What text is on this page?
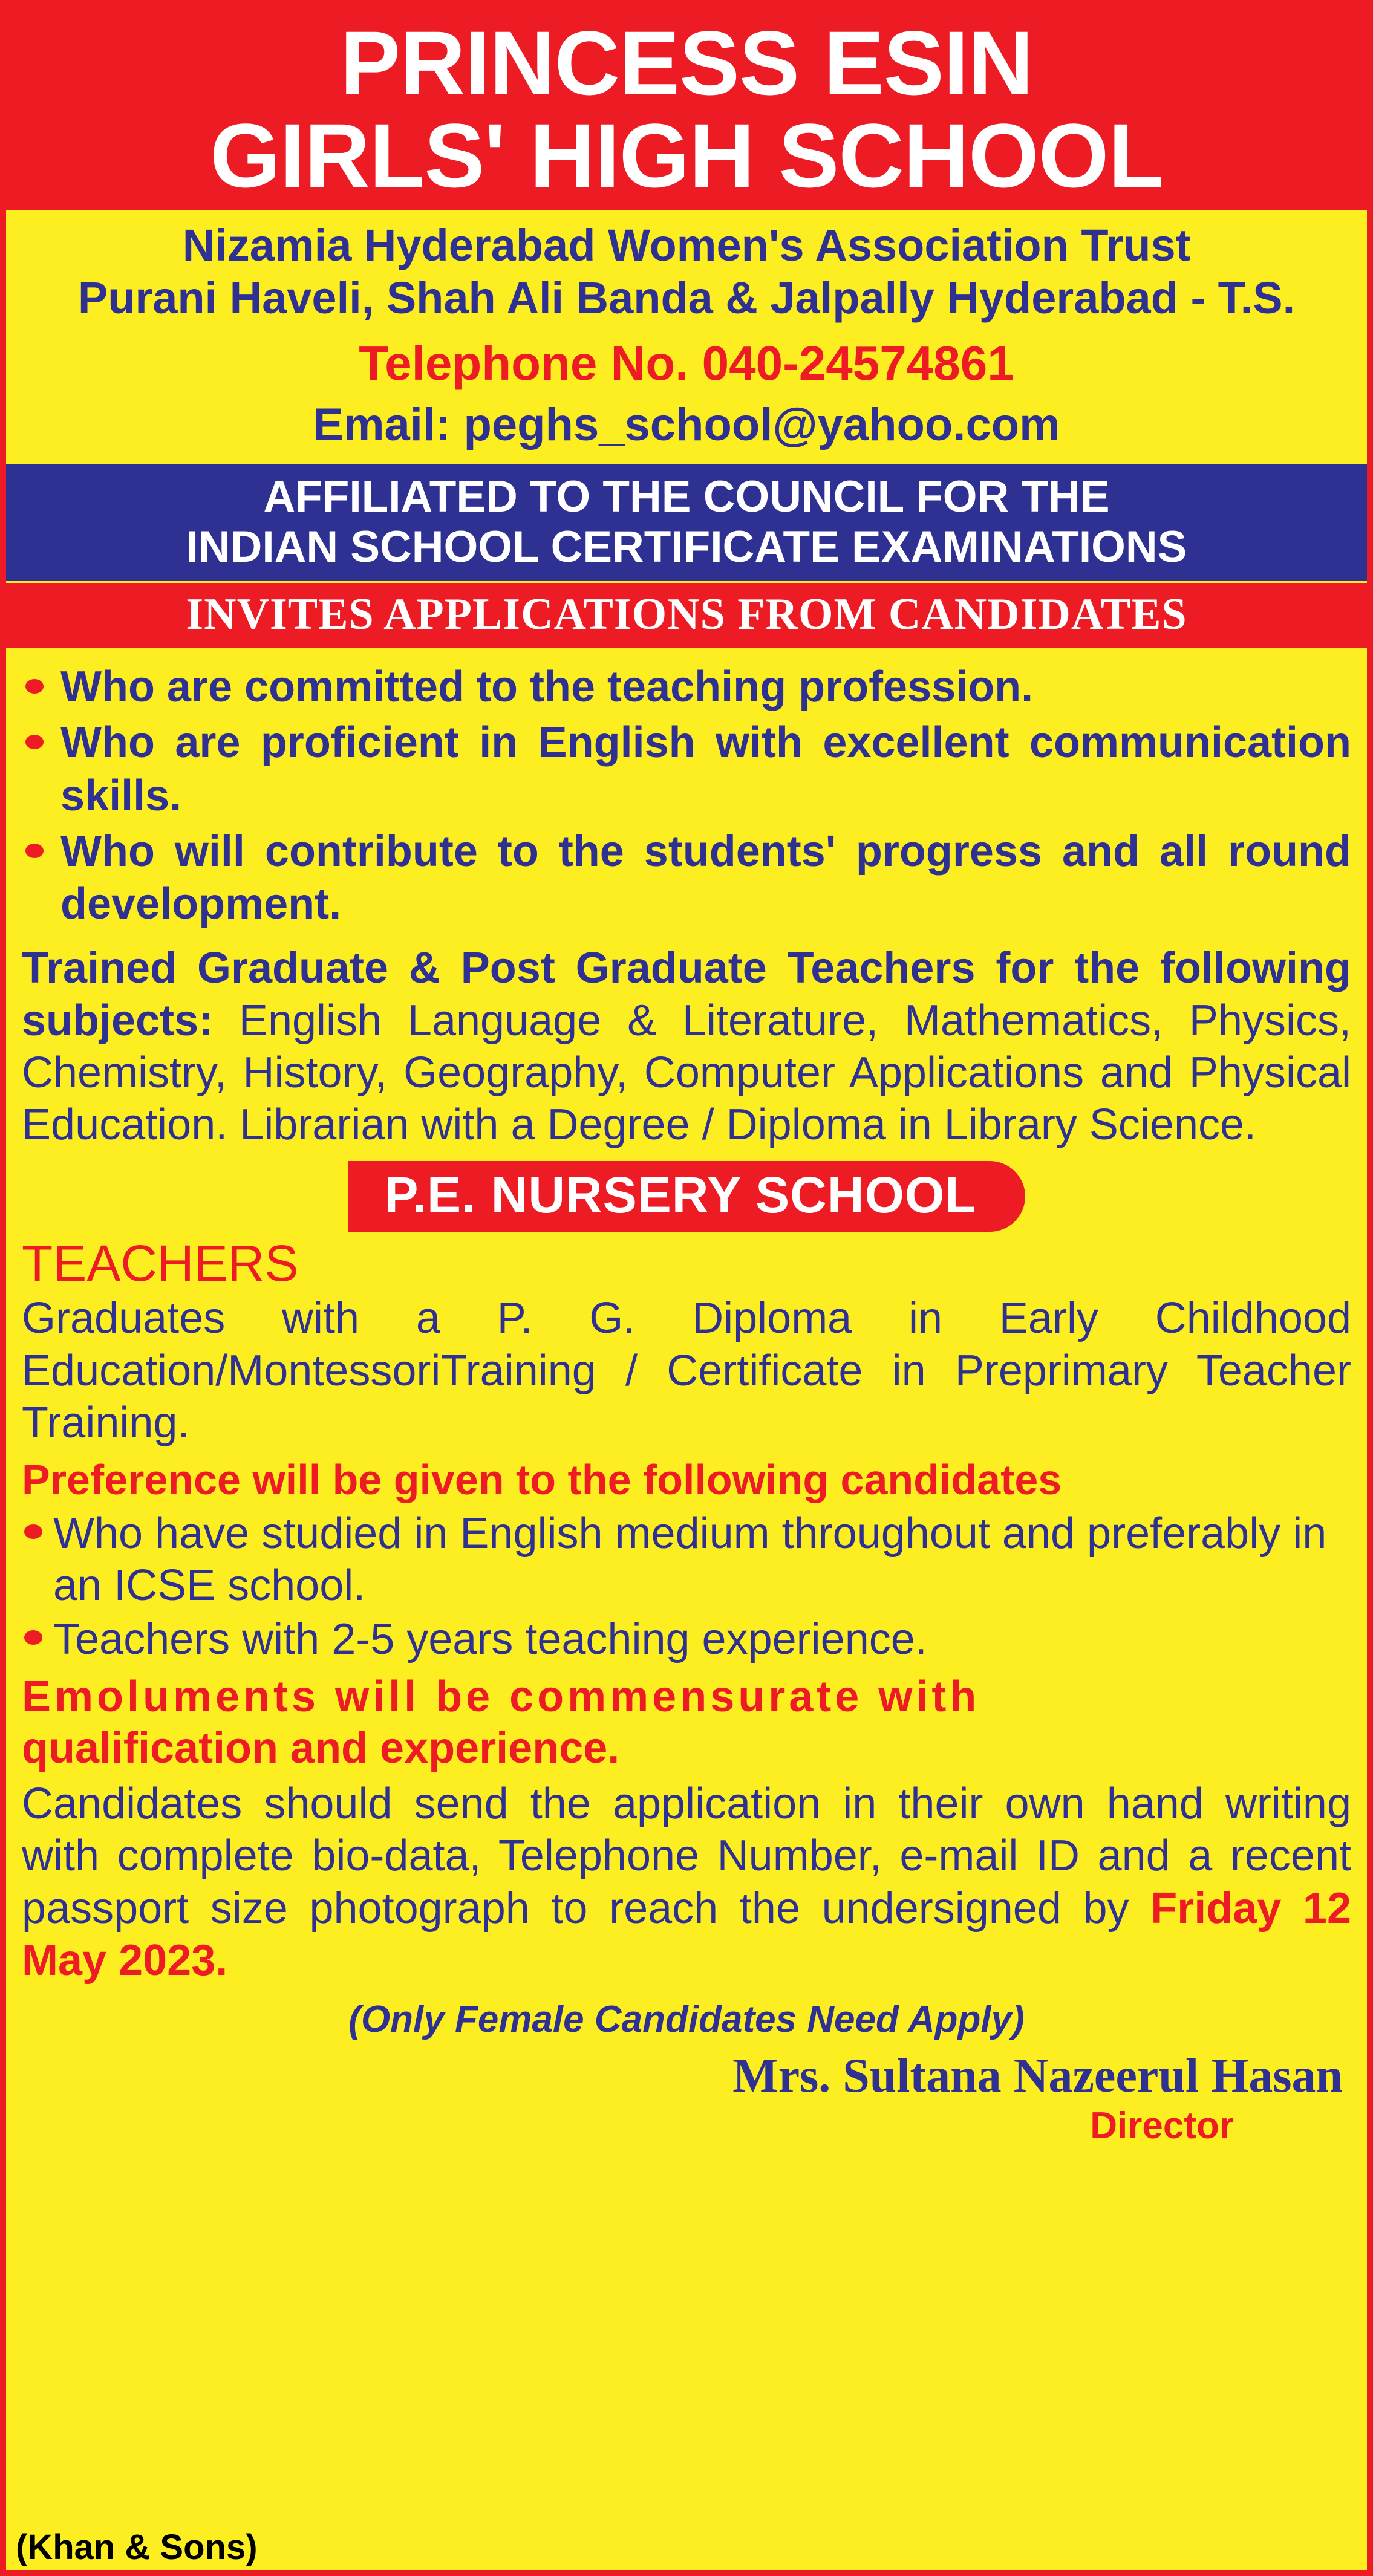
PRINCESS ESIN
GIRLS' HIGH SCHOOL
Nizamia Hyderabad Women's Association Trust
Purani Haveli, Shah Ali Banda & Jalpally Hyderabad - T.S.
Telephone No. 040-24574861
Email: peghs_school@yahoo.com
AFFILIATED TO THE COUNCIL FOR THE
INDIAN SCHOOL CERTIFICATE EXAMINATIONS
INVITES APPLICATIONS FROM CANDIDATES
Who are committed to the teaching profession.
Who are proficient in English with excellent communication skills.
Who will contribute to the students' progress and all round development.
Trained Graduate & Post Graduate Teachers for the following subjects: English Language & Literature, Mathematics, Physics, Chemistry, History, Geography, Computer Applications and Physical Education. Librarian with a Degree / Diploma in Library Science.
P.E. NURSERY SCHOOL
TEACHERS
Graduates with a P. G. Diploma in Early Childhood Education/MontessoriTraining / Certificate in Preprimary Teacher Training.
Preference will be given to the following candidates
Who have studied in English medium throughout and preferably in an ICSE school.
Teachers with 2-5 years teaching experience.
Emoluments will be commensurate with
qualification and experience.
Candidates should send the application in their own hand writing with complete bio-data, Telephone Number, e-mail ID and a recent passport size photograph to reach the undersigned by Friday 12 May 2023.
(Only Female Candidates Need Apply)
Mrs. Sultana Nazeerul Hasan
Director
(Khan & Sons)
